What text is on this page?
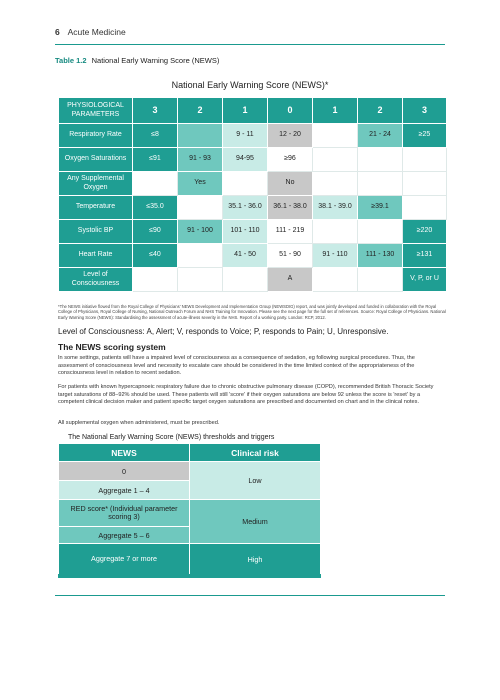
6 Acute Medicine
Table 1.2 National Early Warning Score (NEWS)
National Early Warning Score (NEWS)*
PHYSIOLOGICAL PARAMETERS	3	2	1	0	1	2	3
Respiratory Rate	≤8		9 - 11	12 - 20		21 - 24	≥25
Oxygen Saturations	≤91	91 - 93	94-95	≥96			
Any Supplemental Oxygen		Yes		No			
Temperature	≤35.0		35.1 - 36.0	36.1 - 38.0	38.1 - 39.0	≥39.1	
Systolic BP	≤90	91 - 100	101 - 110	111 - 219			≥220
Heart Rate	≤40		41 - 50	51 - 90	91 - 110	111 - 130	≥131
Level of Consciousness				A			V, P, or U
*The NEWS initiative flowed from the Royal College of Physicians' NEWS Development and Implementation Group (NEWSDIG) report, and was jointly developed and funded in collaboration with the Royal College of Physicians, Royal College of Nursing, National Outreach Forum and NHS Training for Innovation. Please see the next page for the full set of references. Source: Royal College of Physicians. National Early Warning Score (NEWS): Standardising the assessment of acute-illness severity in the NHS. Report of a working party. London: RCP, 2012.
Level of Consciousness: A, Alert; V, responds to Voice; P, responds to Pain; U, Unresponsive.
The NEWS scoring system
In some settings, patients will have a impaired level of consciousness as a consequence of sedation, eg following surgical procedures. Thus, the assessment of consciousness level and necessity to escalate care should be considered in the time limited context of the appropriateness of the consciousness level in relation to recent sedation.
For patients with known hypercapnoeic respiratory failure due to chronic obstructive pulmonary disease (COPD), recommended British Thoracic Society target saturations of 88–92% should be used. These patients will still 'score' if their oxygen saturations are below 92 unless the score is 'reset' by a competent clinical decision maker and patient specific target oxygen saturations are prescribed and documented on chart and in the clinical notes.
All supplemental oxygen when administered, must be prescribed.
The National Early Warning Score (NEWS) thresholds and triggers
NEWS	Clinical risk
0	Low
Aggregate 1 – 4	
RED score* (Individual parameter scoring 3)	Medium
Aggregate 5 – 6	
Aggregate 7 or more	High
